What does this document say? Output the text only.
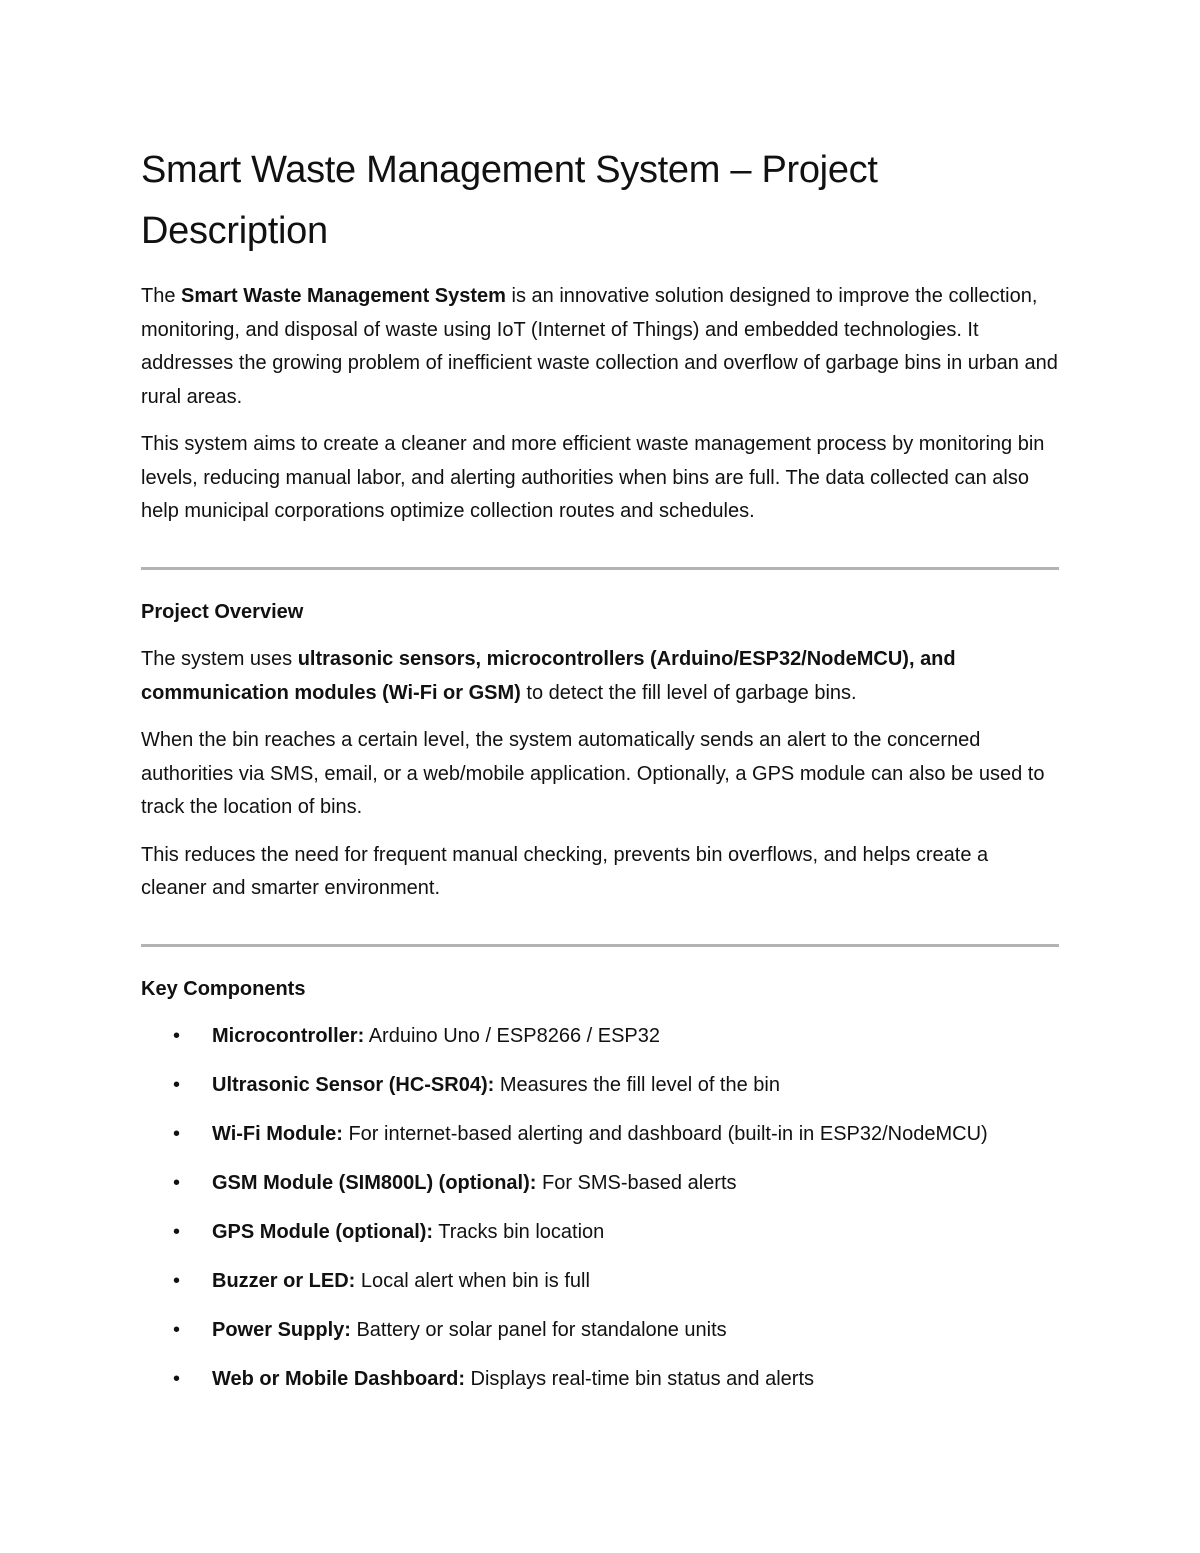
Smart Waste Management System – Project Description

The Smart Waste Management System is an innovative solution designed to improve the collection, monitoring, and disposal of waste using IoT (Internet of Things) and embedded technologies. It addresses the growing problem of inefficient waste collection and overflow of garbage bins in urban and rural areas.

This system aims to create a cleaner and more efficient waste management process by monitoring bin levels, reducing manual labor, and alerting authorities when bins are full. The data collected can also help municipal corporations optimize collection routes and schedules.

Project Overview

The system uses ultrasonic sensors, microcontrollers (Arduino/ESP32/NodeMCU), and communication modules (Wi-Fi or GSM) to detect the fill level of garbage bins.

When the bin reaches a certain level, the system automatically sends an alert to the concerned authorities via SMS, email, or a web/mobile application. Optionally, a GPS module can also be used to track the location of bins.

This reduces the need for frequent manual checking, prevents bin overflows, and helps create a cleaner and smarter environment.

Key Components
• Microcontroller: Arduino Uno / ESP8266 / ESP32
• Ultrasonic Sensor (HC-SR04): Measures the fill level of the bin
• Wi-Fi Module: For internet-based alerting and dashboard (built-in in ESP32/NodeMCU)
• GSM Module (SIM800L) (optional): For SMS-based alerts
• GPS Module (optional): Tracks bin location
• Buzzer or LED: Local alert when bin is full
• Power Supply: Battery or solar panel for standalone units
• Web or Mobile Dashboard: Displays real-time bin status and alerts
